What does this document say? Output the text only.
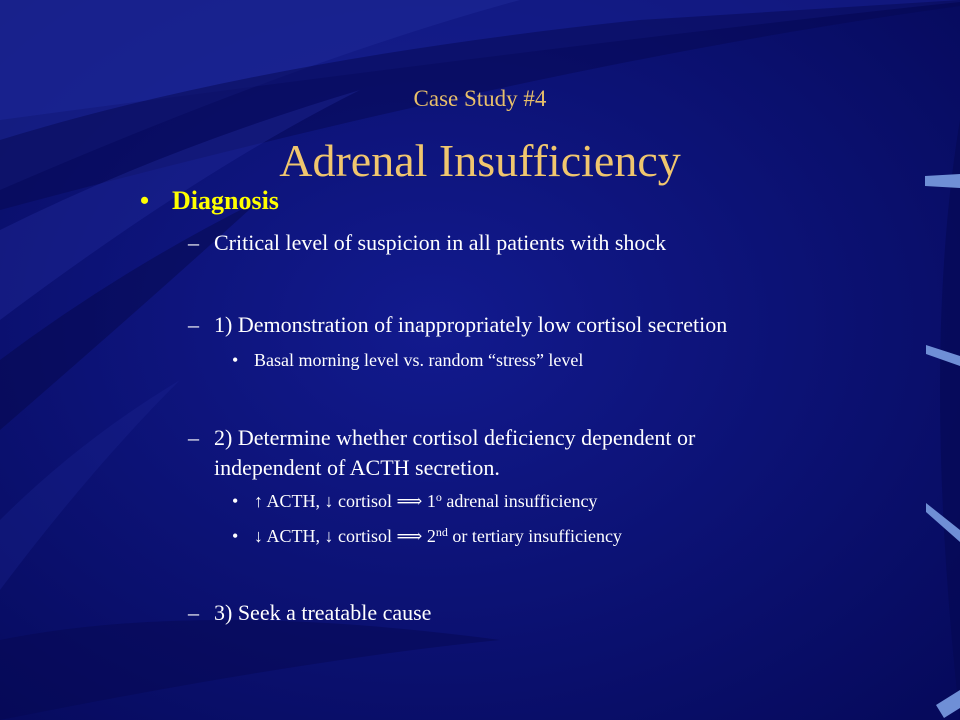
Case Study #4
Adrenal Insufficiency
• Diagnosis
– Critical level of suspicion in all patients with shock
– 1) Demonstration of inappropriately low cortisol secretion
• Basal morning level vs. random “stress” level
– 2) Determine whether cortisol deficiency dependent or
independent of ACTH secretion.
• ↑ ACTH, ↓ cortisol ⟹ 1$^o$ adrenal insufficiency
• ↓ ACTH, ↓ cortisol ⟹ 2nd or tertiary insufficiency
– 3) Seek a treatable cause
